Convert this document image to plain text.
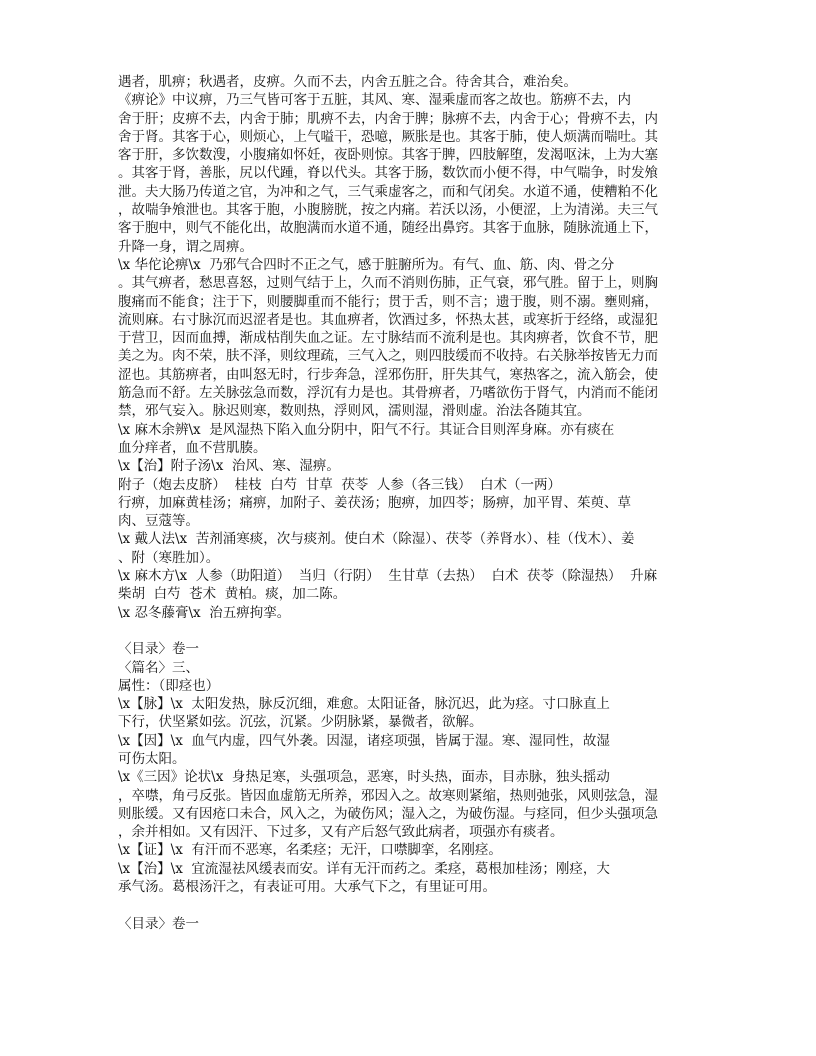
遇者，肌痹；秋遇者，皮痹。久而不去，内舍五脏之合。待舍其合，难治矣。
《痹论》中议痹，乃三气皆可客于五脏，其风、寒、湿乘虚而客之故也。筋痹不去，内
舍于肝；皮痹不去，内舍于肺；肌痹不去，内舍于脾；脉痹不去，内舍于心；骨痹不去，内
舍于肾。其客于心，则烦心，上气嗌干，恐噫，厥胀是也。其客于肺，使人烦满而喘吐。其
客于肝，多饮数溲，小腹痛如怀妊，夜卧则惊。其客于脾，四肢解堕，发渴呕沫，上为大塞
。其客于肾，善胀，尻以代踵，脊以代头。其客于肠，数饮而小便不得，中气喘争，时发飧
泄。夫大肠乃传道之官，为冲和之气，三气乘虚客之，而和气闭矣。水道不通，使糟粕不化
，故喘争飧泄也。其客于胞，小腹膀胱，按之内痛。若沃以汤，小便涩，上为清涕。夫三气
客于胞中，则气不能化出，故胞满而水道不通，随经出鼻窍。其客于血脉，随脉流通上下，
升降一身，谓之周痹。
\x 华佗论痹\x  乃邪气合四时不正之气，感于脏腑所为。有气、血、筋、肉、骨之分
。其气痹者，愁思喜怒，过则气结于上，久而不消则伤肺，正气衰，邪气胜。留于上，则胸
腹痛而不能食；注于下，则腰脚重而不能行；贯于舌，则不言；遗于腹，则不溺。壅则痛，
流则麻。右寸脉沉而迟涩者是也。其血痹者，饮酒过多，怀热太甚，或寒折于经络，或湿犯
于营卫，因而血搏，渐成枯削失血之证。左寸脉结而不流利是也。其肉痹者，饮食不节，肥
美之为。肉不荣，肤不泽，则纹理疏，三气入之，则四肢缓而不收持。右关脉举按皆无力而
涩也。其筋痹者，由叫怒无时，行步奔急，淫邪伤肝，肝失其气，寒热客之，流入筋会，使
筋急而不舒。左关脉弦急而数，浮沉有力是也。其骨痹者，乃嗜欲伤于肾气，内消而不能闭
禁，邪气妄入。脉迟则寒，数则热，浮则风，濡则湿，滑则虚。治法各随其宜。
\x 麻木余辨\x  是风湿热下陷入血分阴中，阳气不行。其证合目则浑身麻。亦有痰在
血分痒者，血不营肌腠。
\x【治】附子汤\x  治风、寒、湿痹。
附子（炮去皮脐）  桂枝  白芍  甘草  茯苓  人参（各三钱）  白术（一两）
行痹，加麻黄桂汤；痛痹，加附子、姜茯汤；胞痹，加四苓；肠痹，加平胃、茱萸、草
肉、豆蔻等。
\x 戴人法\x  苦剂涌寒痰，次与痰剂。使白术（除湿）、茯苓（养肾水）、桂（伐木）、姜
、附（寒胜加）。
\x 麻木方\x  人参（助阳道）  当归（行阴）  生甘草（去热）  白术  茯苓（除湿热）  升麻
柴胡  白芍  苍术  黄柏。痰，加二陈。
\x 忍冬藤膏\x  治五痹拘挛。
〈目录〉卷一
〈篇名〉三、
属性：（即痉也）
\x【脉】\x  太阳发热，脉反沉细，难愈。太阳证备，脉沉迟，此为痉。寸口脉直上
下行，伏坚紧如弦。沉弦，沉紧。少阴脉紧，暴微者，欲解。
\x【因】\x  血气内虚，四气外袭。因湿，诸痉项强，皆属于湿。寒、湿同性，故湿
可伤太阳。
\x《三因》论状\x  身热足寒，头强项急，恶寒，时头热，面赤，目赤脉，独头摇动
，卒噤，角弓反张。皆因血虚筋无所养，邪因入之。故寒则紧缩，热则弛张，风则弦急，湿
则胀缓。又有因疮口未合，风入之，为破伤风；湿入之，为破伤湿。与痉同，但少头强项急
，余并相如。又有因汗、下过多，又有产后怒气致此病者，项强亦有痰者。
\x【证】\x  有汗而不恶寒，名柔痉；无汗，口噤脚挛，名刚痉。
\x【治】\x  宜流湿祛风缓表而安。详有无汗而药之。柔痉，葛根加桂汤；刚痉，大
承气汤。葛根汤汗之，有表证可用。大承气下之，有里证可用。
〈目录〉卷一
